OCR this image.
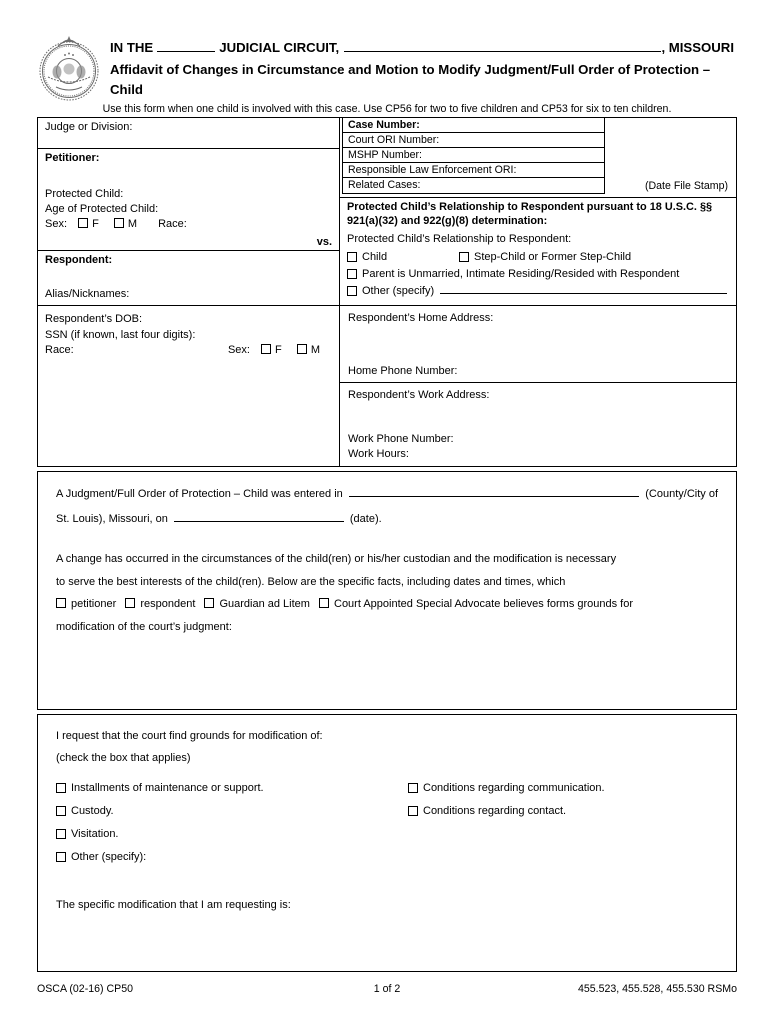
IN THE	JUDICIAL CIRCUIT,	, MISSOURI
Affidavit of Changes in Circumstance and Motion to Modify Judgment/Full Order of Protection – Child
Use this form when one child is involved with this case. Use CP56 for two to five children and CP53 for six to ten children.
Judge or Division:
Petitioner:
Protected Child:
Age of Protected Child:
Sex: F	M Race:
vs.
Respondent:
Alias/Nicknames:
Respondent’s DOB:
SSN (if known, last four digits):
Race:	Sex: F	M
Case Number:
Court ORI Number:
MSHP Number:
Responsible Law Enforcement ORI:
Related Cases:	(Date File Stamp)
Protected Child’s Relationship to Respondent pursuant to 18 U.S.C. §§ 921(a)(32) and 922(g)(8) determination:
Protected Child’s Relationship to Respondent:
Child	Step-Child or Former Step-Child
Parent is Unmarried, Intimate Residing/Resided with Respondent
Other (specify)
Respondent’s Home Address:
Home Phone Number:
Respondent’s Work Address:
Work Phone Number:
Work Hours:
A Judgment/Full Order of Protection – Child was entered in	(County/City of
St. Louis), Missouri, on	(date).
A change has occurred in the circumstances of the child(ren) or his/her custodian and the modification is necessary
to serve the best interests of the child(ren). Below are the specific facts, including dates and times, which
petitioner respondent Guardian ad Litem Court Appointed Special Advocate believes forms grounds for
modification of the court’s judgment:
I request that the court find grounds for modification of:
(check the box that applies)
Installments of maintenance or support.	Conditions regarding communication.
Custody.	Conditions regarding contact.
Visitation.
Other (specify):
The specific modification that I am requesting is:
OSCA (02-16) CP50	1 of 2	455.523, 455.528, 455.530 RSMo
